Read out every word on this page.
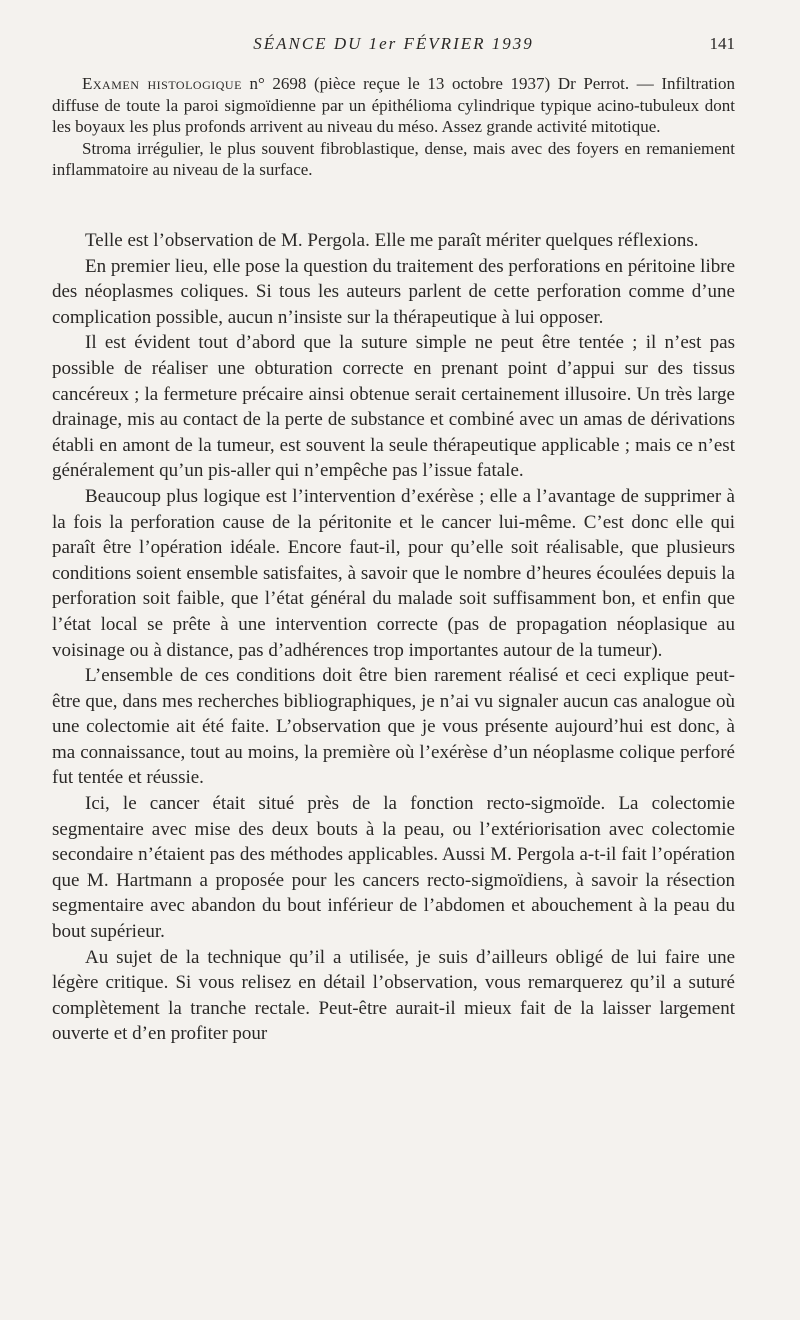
SÉANCE DU 1er FÉVRIER 1939	141

Examen histologique n° 2698 (pièce reçue le 13 octobre 1937) Dr Perrot. — Infiltration diffuse de toute la paroi sigmoïdienne par un épithélioma cylindrique typique acino-tubuleux dont les boyaux les plus profonds arrivent au niveau du méso. Assez grande activité mitotique.

Stroma irrégulier, le plus souvent fibroblastique, dense, mais avec des foyers en remaniement inflammatoire au niveau de la surface.

Telle est l’observation de M. Pergola. Elle me paraît mériter quelques réflexions.

En premier lieu, elle pose la question du traitement des perforations en péritoine libre des néoplasmes coliques. Si tous les auteurs parlent de cette perforation comme d’une complication possible, aucun n’insiste sur la thérapeutique à lui opposer.

Il est évident tout d’abord que la suture simple ne peut être tentée ; il n’est pas possible de réaliser une obturation correcte en prenant point d’appui sur des tissus cancéreux ; la fermeture précaire ainsi obtenue serait certainement illusoire. Un très large drainage, mis au contact de la perte de substance et combiné avec un amas de dérivations établi en amont de la tumeur, est souvent la seule thérapeutique applicable ; mais ce n’est généralement qu’un pis-aller qui n’empêche pas l’issue fatale.

Beaucoup plus logique est l’intervention d’exérèse ; elle a l’avantage de supprimer à la fois la perforation cause de la péritonite et le cancer lui-même. C’est donc elle qui paraît être l’opération idéale. Encore faut-il, pour qu’elle soit réalisable, que plusieurs conditions soient ensemble satisfaites, à savoir que le nombre d’heures écoulées depuis la perforation soit faible, que l’état général du malade soit suffisamment bon, et enfin que l’état local se prête à une intervention correcte (pas de propagation néoplasique au voisinage ou à distance, pas d’adhérences trop importantes autour de la tumeur).

L’ensemble de ces conditions doit être bien rarement réalisé et ceci explique peut-être que, dans mes recherches bibliographiques, je n’ai vu signaler aucun cas analogue où une colectomie ait été faite. L’observation que je vous présente aujourd’hui est donc, à ma connaissance, tout au moins, la première où l’exérèse d’un néoplasme colique perforé fut tentée et réussie.

Ici, le cancer était situé près de la fonction recto-sigmoïde. La colectomie segmentaire avec mise des deux bouts à la peau, ou l’extériorisation avec colectomie secondaire n’étaient pas des méthodes applicables. Aussi M. Pergola a-t-il fait l’opération que M. Hartmann a proposée pour les cancers recto-sigmoïdiens, à savoir la résection segmentaire avec abandon du bout inférieur de l’abdomen et abouchement à la peau du bout supérieur.

Au sujet de la technique qu’il a utilisée, je suis d’ailleurs obligé de lui faire une légère critique. Si vous relisez en détail l’observation, vous remarquerez qu’il a suturé complètement la tranche rectale. Peut-être aurait-il mieux fait de la laisser largement ouverte et d’en profiter pour
